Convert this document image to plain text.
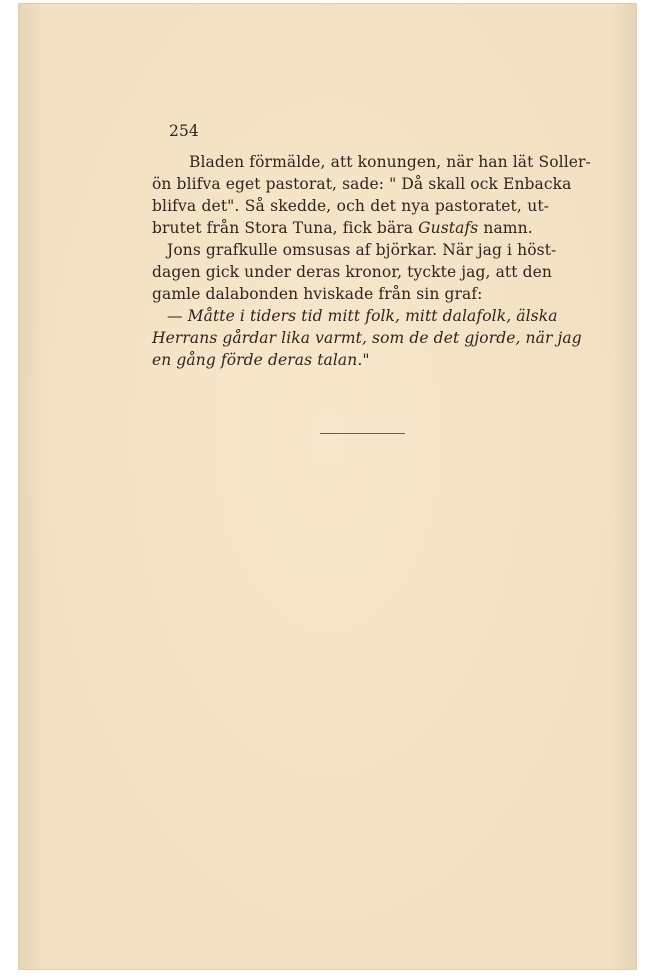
254
Bladen förmälde, att konungen, när han lät Soller-
ön blifva eget pastorat, sade: " Då skall ock Enbacka
blifva det". Så skedde, och det nya pastoratet, ut-
brutet från Stora Tuna, fick bära Gustafs namn.
Jons grafkulle omsusas af björkar. När jag i höst-
dagen gick under deras kronor, tyckte jag, att den
gamle dalabonden hviskade från sin graf:
— Måtte i tiders tid mitt folk, mitt dalafolk, älska
Herrans gårdar lika varmt, som de det gjorde, när jag
en gång förde deras talan."
